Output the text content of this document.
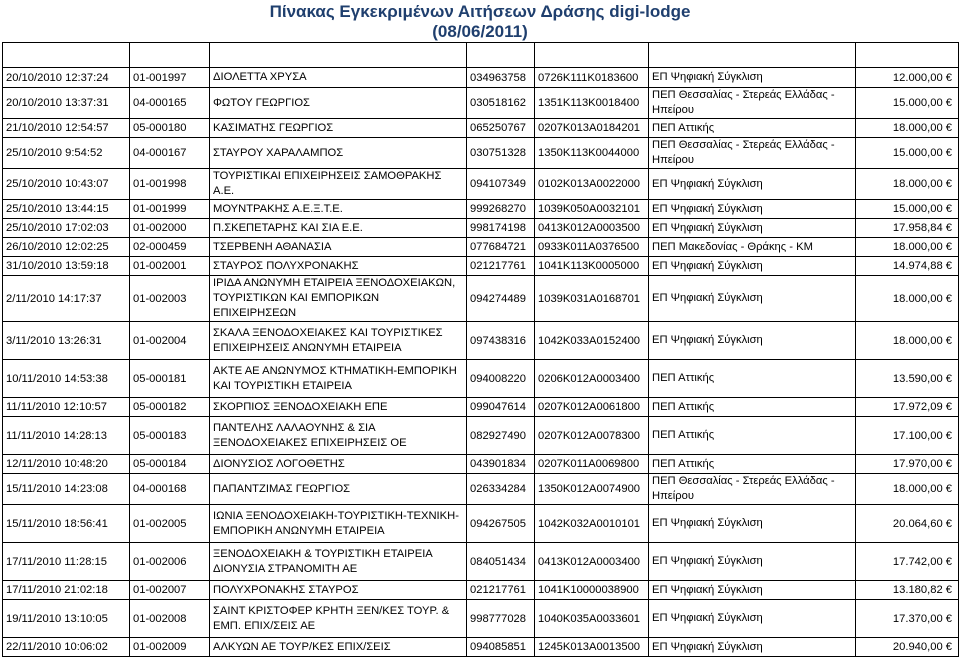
Πίνακας Εγκεκριμένων Αιτήσεων Δράσης digi-lodge
(08/06/2011)

20/10/2010 12:37:24	01-001997	ΔΙΟΛΕΤΤΑ ΧΡΥΣΑ	034963758	0726K111K0183600	ΕΠ Ψηφιακή Σύγκλιση	12.000,00 €
20/10/2010 13:37:31	04-000165	ΦΩΤΟΥ ΓΕΩΡΓΙΟΣ	030518162	1351K113K0018400	ΠΕΠ Θεσσαλίας - Στερεάς Ελλάδας - Ηπείρου	15.000,00 €
21/10/2010 12:54:57	05-000180	ΚΑΣΙΜΑΤΗΣ ΓΕΩΡΓΙΟΣ	065250767	0207K013A0184201	ΠΕΠ Αττικής	18.000,00 €
25/10/2010 9:54:52	04-000167	ΣΤΑΥΡΟΥ ΧΑΡΑΛΑΜΠΟΣ	030751328	1350K113K0044000	ΠΕΠ Θεσσαλίας - Στερεάς Ελλάδας - Ηπείρου	15.000,00 €
25/10/2010 10:43:07	01-001998	ΤΟΥΡΙΣΤΙΚΑΙ ΕΠΙΧΕΙΡΗΣΕΙΣ ΣΑΜΟΘΡΑΚΗΣ Α.Ε.	094107349	0102K013A0022000	ΕΠ Ψηφιακή Σύγκλιση	18.000,00 €
25/10/2010 13:44:15	01-001999	ΜΟΥΝΤΡΑΚΗΣ Α.Ε.Ξ.Τ.Ε.	999268270	1039K050A0032101	ΕΠ Ψηφιακή Σύγκλιση	15.000,00 €
25/10/2010 17:02:03	01-002000	Π.ΣΚΕΠΕΤΑΡΗΣ ΚΑΙ ΣΙΑ Ε.Ε.	998174198	0413K012A0003500	ΕΠ Ψηφιακή Σύγκλιση	17.958,84 €
26/10/2010 12:02:25	02-000459	ΤΣΕΡΒΕΝΗ ΑΘΑΝΑΣΙΑ	077684721	0933K011A0376500	ΠΕΠ Μακεδονίας - Θράκης - ΚΜ	18.000,00 €
31/10/2010 13:59:18	01-002001	ΣΤΑΥΡΟΣ ΠΟΛΥΧΡΟΝΑΚΗΣ	021217761	1041K113K0005000	ΕΠ Ψηφιακή Σύγκλιση	14.974,88 €
2/11/2010 14:17:37	01-002003	ΙΡΙΔΑ ΑΝΩΝΥΜΗ ΕΤΑΙΡΕΙΑ ΞΕΝΟΔΟΧΕΙΑΚΩΝ, ΤΟΥΡΙΣΤΙΚΩΝ ΚΑΙ ΕΜΠΟΡΙΚΩΝ ΕΠΙΧΕΙΡΗΣΕΩΝ	094274489	1039K031A0168701	ΕΠ Ψηφιακή Σύγκλιση	18.000,00 €
3/11/2010 13:26:31	01-002004	ΣΚΑΛΑ ΞΕΝΟΔΟΧΕΙΑΚΕΣ ΚΑΙ ΤΟΥΡΙΣΤΙΚΕΣ ΕΠΙΧΕΙΡΗΣΕΙΣ ΑΝΩΝΥΜΗ ΕΤΑΙΡΕΙΑ	097438316	1042K033A0152400	ΕΠ Ψηφιακή Σύγκλιση	18.000,00 €
10/11/2010 14:53:38	05-000181	ΑΚΤΕ ΑΕ ΑΝΩΝΥΜΟΣ ΚΤΗΜΑΤΙΚΗ-ΕΜΠΟΡΙΚΗ ΚΑΙ ΤΟΥΡΙΣΤΙΚΗ ΕΤΑΙΡΕΙΑ	094008220	0206K012A0003400	ΠΕΠ Αττικής	13.590,00 €
11/11/2010 12:10:57	05-000182	ΣΚΟΡΠΙΟΣ ΞΕΝΟΔΟΧΕΙΑΚΗ ΕΠΕ	099047614	0207K012A0061800	ΠΕΠ Αττικής	17.972,09 €
11/11/2010 14:28:13	05-000183	ΠΑΝΤΕΛΗΣ ΛΑΛΑΟΥΝΗΣ & ΣΙΑ ΞΕΝΟΔΟΧΕΙΑΚΕΣ ΕΠΙΧΕΙΡΗΣΕΙΣ ΟΕ	082927490	0207K012A0078300	ΠΕΠ Αττικής	17.100,00 €
12/11/2010 10:48:20	05-000184	ΔΙΟΝΥΣΙΟΣ ΛΟΓΟΘΕΤΗΣ	043901834	0207K011A0069800	ΠΕΠ Αττικής	17.970,00 €
15/11/2010 14:23:08	04-000168	ΠΑΠΑΝΤΖΙΜΑΣ ΓΕΩΡΓΙΟΣ	026334284	1350K012A0074900	ΠΕΠ Θεσσαλίας - Στερεάς Ελλάδας - Ηπείρου	18.000,00 €
15/11/2010 18:56:41	01-002005	ΙΩΝΙΑ ΞΕΝΟΔΟΧΕΙΑΚΗ-ΤΟΥΡΙΣΤΙΚΗ-ΤΕΧΝΙΚΗ-ΕΜΠΟΡΙΚΗ ΑΝΩΝΥΜΗ ΕΤΑΙΡΕΙΑ	094267505	1042K032A0010101	ΕΠ Ψηφιακή Σύγκλιση	20.064,60 €
17/11/2010 11:28:15	01-002006	ΞΕΝΟΔΟΧΕΙΑΚΗ & ΤΟΥΡΙΣΤΙΚΗ ΕΤΑΙΡΕΙΑ ΔΙΟΝΥΣΙΑ ΣΤΡΑΝΟΜΙΤΗ ΑΕ	084051434	0413K012A0003400	ΕΠ Ψηφιακή Σύγκλιση	17.742,00 €
17/11/2010 21:02:18	01-002007	ΠΟΛΥΧΡΟΝΑΚΗΣ ΣΤΑΥΡΟΣ	021217761	1041K10000038900	ΕΠ Ψηφιακή Σύγκλιση	13.180,82 €
19/11/2010 13:10:05	01-002008	ΣΑΙΝΤ ΚΡΙΣΤΟΦΕΡ ΚΡΗΤΗ ΞΕΝ/ΚΕΣ ΤΟΥΡ. & ΕΜΠ. ΕΠΙΧ/ΣΕΙΣ ΑΕ	998777028	1040K035A0033601	ΕΠ Ψηφιακή Σύγκλιση	17.370,00 €
22/11/2010 10:06:02	01-002009	ΑΛΚΥΩΝ ΑΕ ΤΟΥΡ/ΚΕΣ ΕΠΙΧ/ΣΕΙΣ	094085851	1245K013A0013500	ΕΠ Ψηφιακή Σύγκλιση	20.940,00 €
